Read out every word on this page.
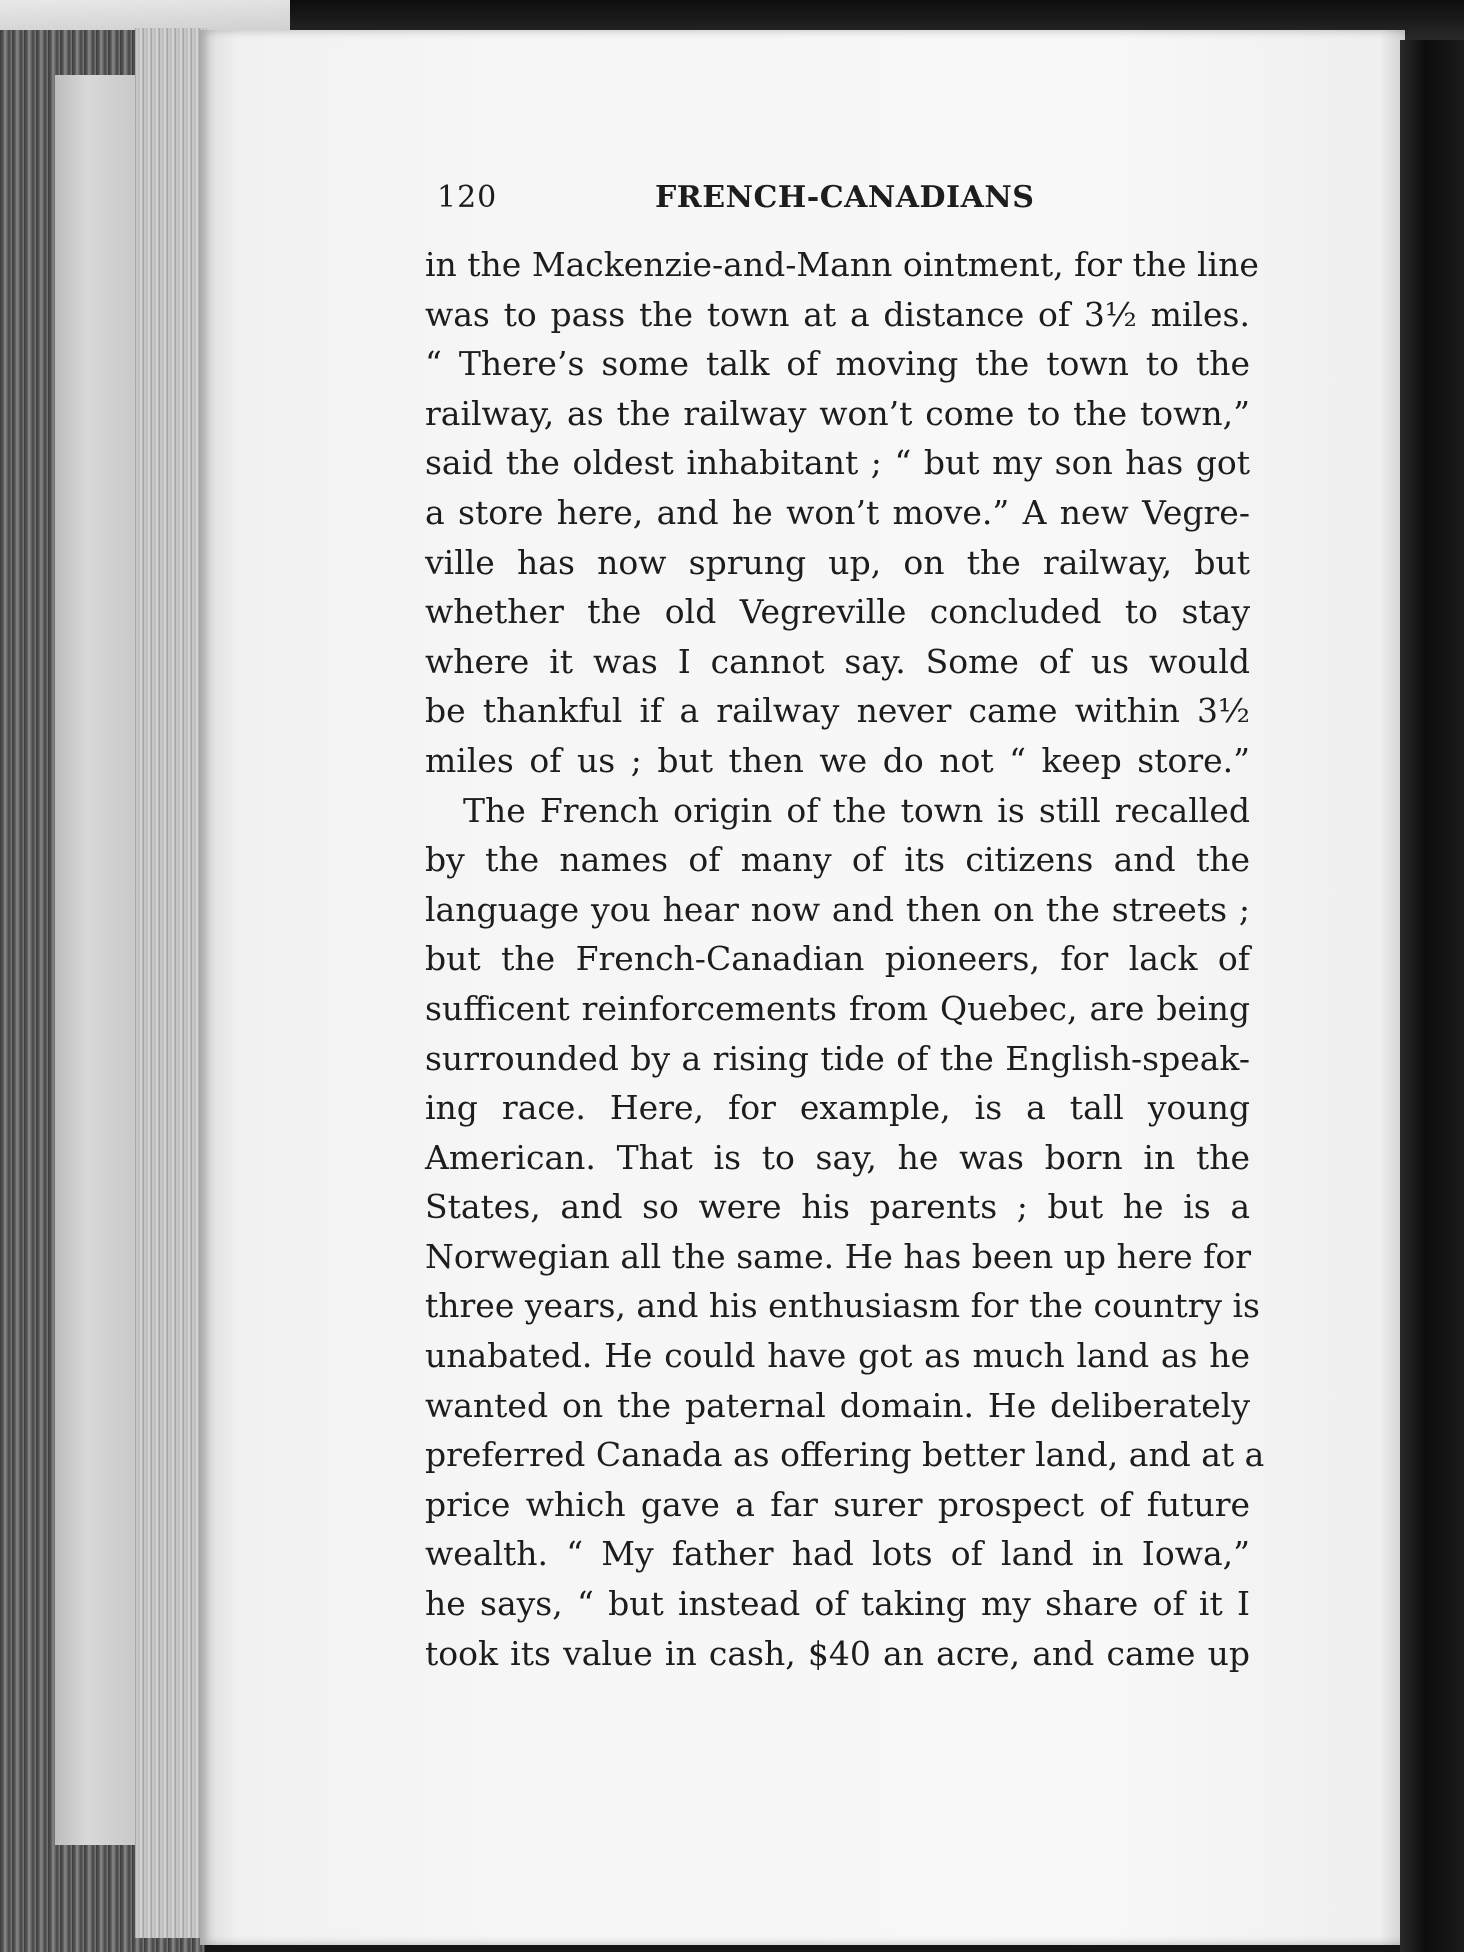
120	FRENCH-CANADIANS
in the Mackenzie-and-Mann ointment, for the line
was to pass the town at a distance of 3½ miles.
“ There’s some talk of moving the town to the
railway, as the railway won’t come to the town,”
said the oldest inhabitant ; “ but my son has got
a store here, and he won’t move.” A new Vegre-
ville has now sprung up, on the railway, but
whether the old Vegreville concluded to stay
where it was I cannot say. Some of us would
be thankful if a railway never came within 3½
miles of us ; but then we do not “ keep store.”
The French origin of the town is still recalled
by the names of many of its citizens and the
language you hear now and then on the streets ;
but the French-Canadian pioneers, for lack of
sufficent reinforcements from Quebec, are being
surrounded by a rising tide of the English-speak-
ing race. Here, for example, is a tall young
American. That is to say, he was born in the
States, and so were his parents ; but he is a
Norwegian all the same. He has been up here for
three years, and his enthusiasm for the country is
unabated. He could have got as much land as he
wanted on the paternal domain. He deliberately
preferred Canada as offering better land, and at a
price which gave a far surer prospect of future
wealth. “ My father had lots of land in Iowa,”
he says, “ but instead of taking my share of it I
took its value in cash, $40 an acre, and came up
